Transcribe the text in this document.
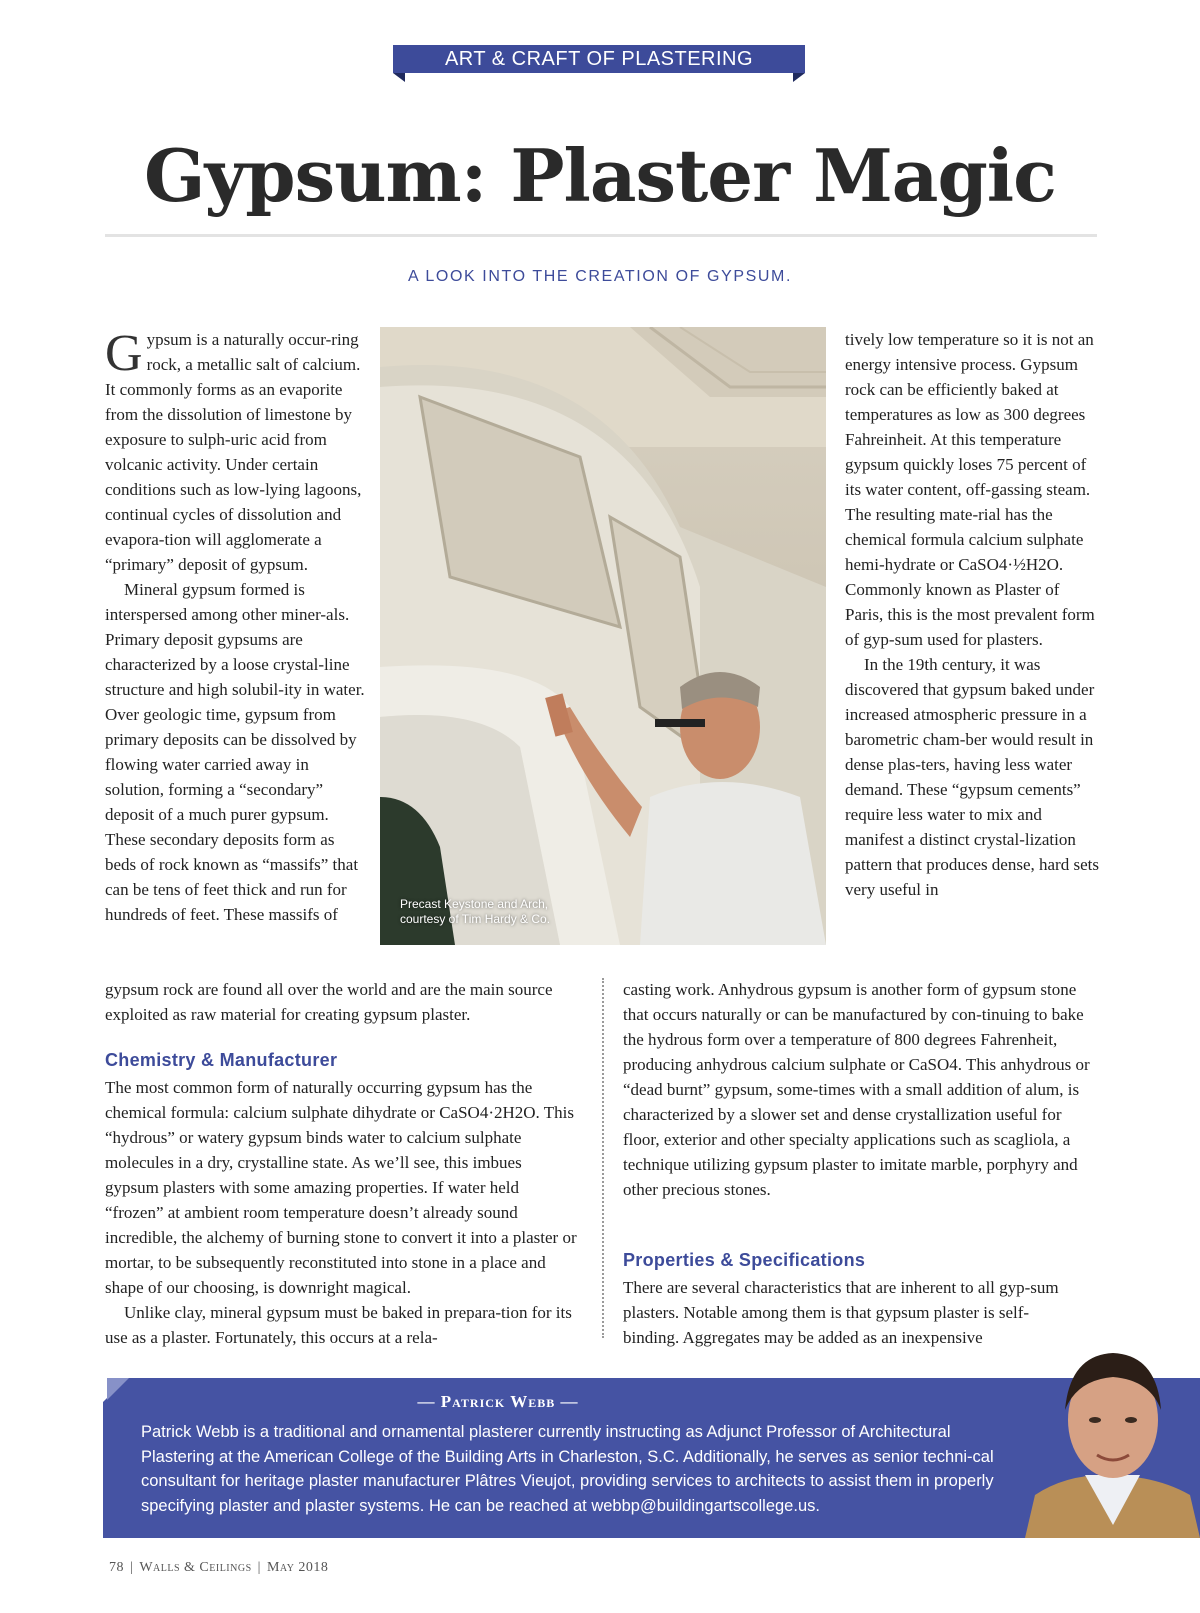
ART & CRAFT OF PLASTERING
Gypsum: Plaster Magic
A LOOK INTO THE CREATION OF GYPSUM.

Gypsum is a naturally occur-ring rock, a metallic salt of calcium. It commonly forms as an evaporite from the dissolution of limestone by exposure to sulph-uric acid from volcanic activity. Under certain conditions such as low-lying lagoons, continual cycles of dissolution and evapora-tion will agglomerate a “primary” deposit of gypsum.

Mineral gypsum formed is interspersed among other miner-als. Primary deposit gypsums are characterized by a loose crystal-line structure and high solubil-ity in water. Over geologic time, gypsum from primary deposits can be dissolved by flowing water carried away in solution, forming a “secondary” deposit of a much purer gypsum. These secondary deposits form as beds of rock known as “massifs” that can be tens of feet thick and run for hundreds of feet. These massifs of

gypsum rock are found all over the world and are the main source exploited as raw material for creating gypsum plaster.
Precast Keystone and Arch,
courtesy of Tim Hardy & Co.

tively low temperature so it is not an energy intensive process. Gypsum rock can be efficiently baked at temperatures as low as 300 degrees Fahreinheit. At this temperature gypsum quickly loses 75 percent of its water content, off-gassing steam. The resulting mate-rial has the chemical formula calcium sulphate hemi-hydrate or CaSO4·½H2O. Commonly known as Plaster of Paris, this is the most prevalent form of gyp-sum used for plasters.

In the 19th century, it was discovered that gypsum baked under increased atmospheric pressure in a barometric cham-ber would result in dense plas-ters, having less water demand. These “gypsum cements” require less water to mix and manifest a distinct crystal-lization pattern that produces dense, hard sets very useful in

Chemistry & Manufacturer

The most common form of naturally occurring gypsum has the chemical formula: calcium sulphate dihydrate or CaSO4·2H2O. This “hydrous” or watery gypsum binds water to calcium sulphate molecules in a dry, crystalline state. As we’ll see, this imbues gypsum plasters with some amazing properties. If water held “frozen” at ambient room temperature doesn’t already sound incredible, the alchemy of burning stone to convert it into a plaster or mortar, to be subsequently reconstituted into stone in a place and shape of our choosing, is downright magical.

Unlike clay, mineral gypsum must be baked in prepara-tion for its use as a plaster. Fortunately, this occurs at a rela-

casting work. Anhydrous gypsum is another form of gypsum stone that occurs naturally or can be manufactured by con-tinuing to bake the hydrous form over a temperature of 800 degrees Fahrenheit, producing anhydrous calcium sulphate or CaSO4. This anhydrous or “dead burnt” gypsum, some-times with a small addition of alum, is characterized by a slower set and dense crystallization useful for floor, exterior and other specialty applications such as scagliola, a technique utilizing gypsum plaster to imitate marble, porphyry and other precious stones.
Properties & Specifications
There are several characteristics that are inherent to all gyp-sum plasters. Notable among them is that gypsum plaster is self-binding. Aggregates may be added as an inexpensive
— Patrick Webb —
Patrick Webb is a traditional and ornamental plasterer currently instructing as Adjunct Professor of Architectural Plastering at the American College of the Building Arts in Charleston, S.C. Additionally, he serves as senior techni-cal consultant for heritage plaster manufacturer Plâtres Vieujot, providing services to architects to assist them in properly specifying plaster and plaster systems. He can be reached at webbp@buildingartscollege.us.
78 | Walls & Ceilings | May 2018
